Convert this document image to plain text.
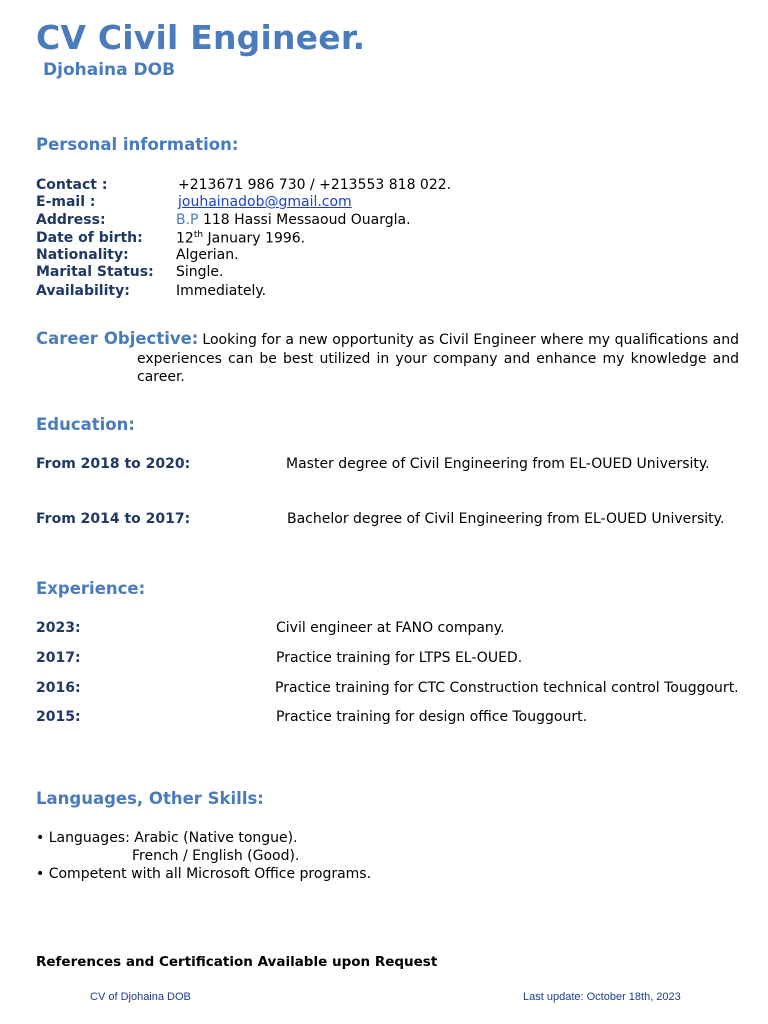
CV Civil Engineer.
Djohaina DOB
Personal information:
Contact :	+213671 986 730 / +213553 818 022.
E-mail :	jouhainadob@gmail.com
Address:	B.P 118 Hassi Messaoud Ouargla.
Date of birth: 12th January 1996.
Nationality:	Algerian.
Marital Status: Single.
Availability:	Immediately.
Career Objective: Looking for a new opportunity as Civil Engineer where my qualifications and experiences can be best utilized in your company and enhance my knowledge and career.
Education:
From 2018 to 2020:	Master degree of Civil Engineering from EL-OUED University.
From 2014 to 2017:	Bachelor degree of Civil Engineering from EL-OUED University.
Experience:
2023:	Civil engineer at FANO company.
2017:	Practice training for LTPS EL-OUED.
2016:	Practice training for CTC Construction technical control Touggourt.
2015:	Practice training for design office Touggourt.
Languages, Other Skills:
• Languages: Arabic (Native tongue).
French / English (Good).
• Competent with all Microsoft Office programs.
References and Certification Available upon Request
CV of Djohaina DOB	Last update: October 18th, 2023
